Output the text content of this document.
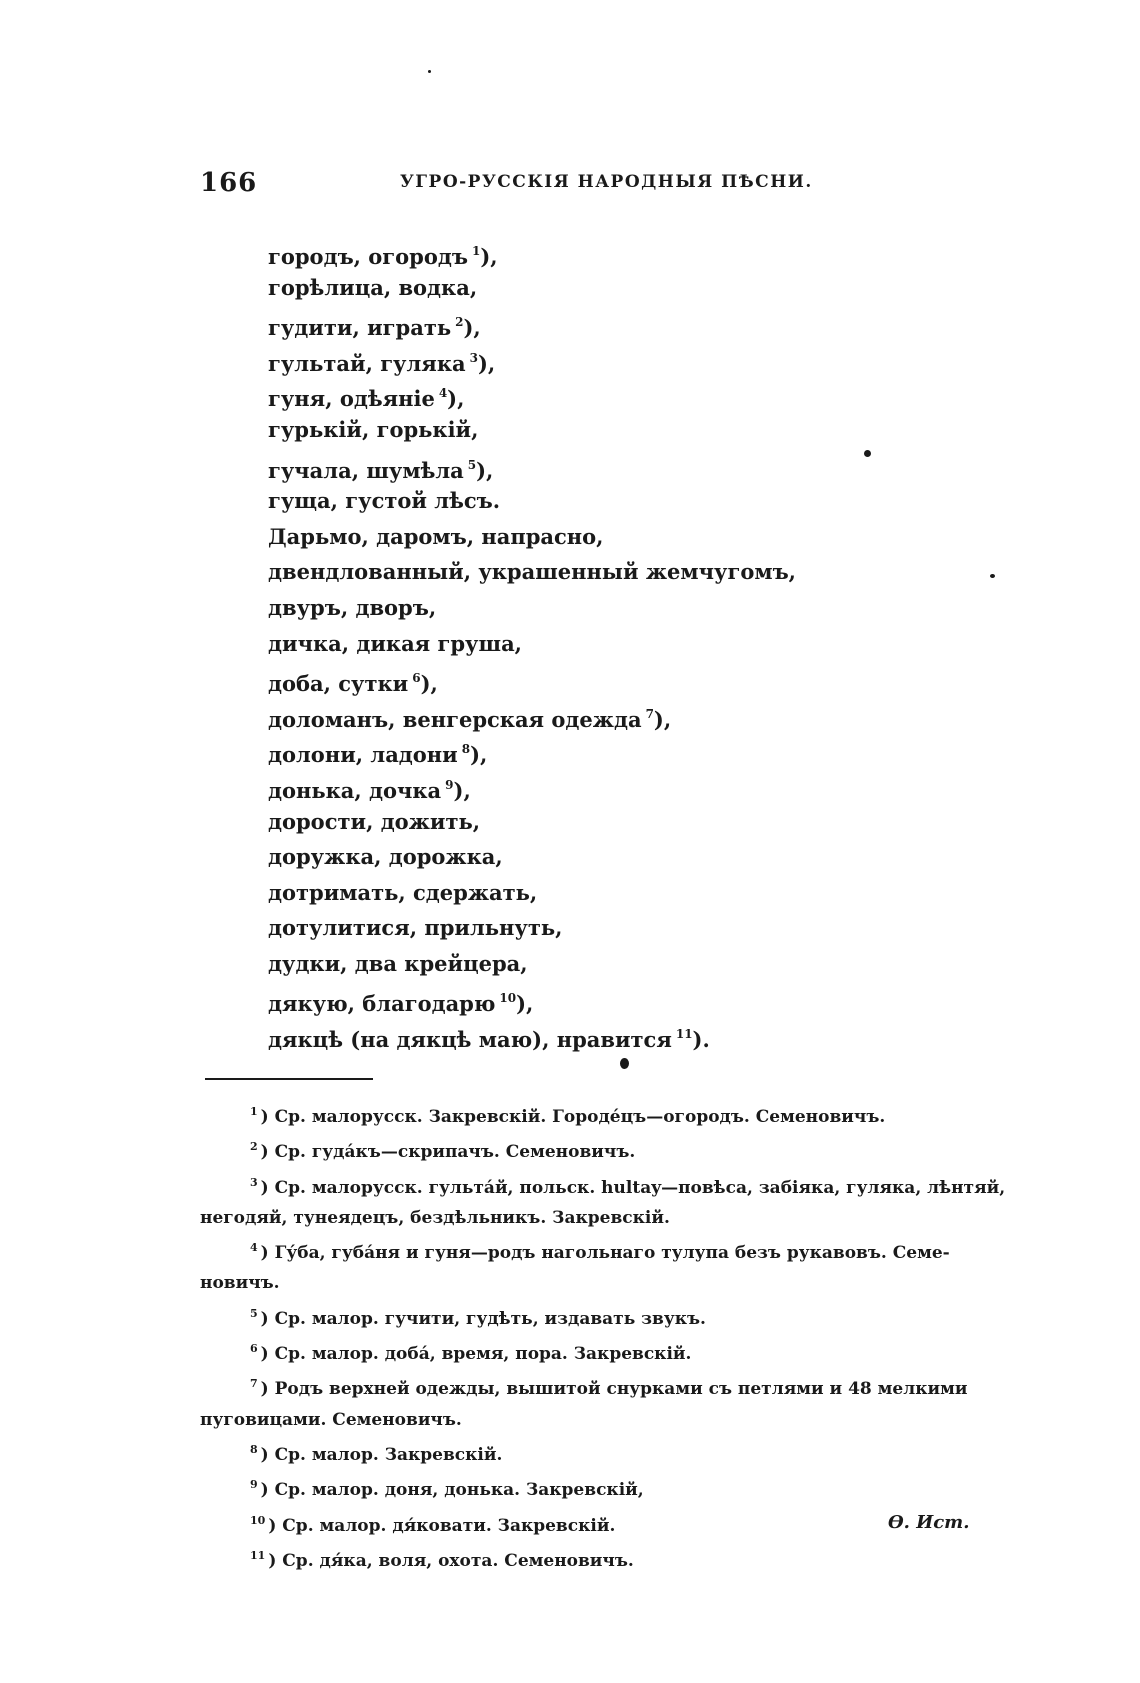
166	УГРО-РУССКІЯ НАРОДНЫЯ ПѢСНИ.
городъ, огородъ $^1$),
горѣлица, водка,
гудити, играть $^2$),
гультай, гуляка $^3$),
гуня, одѣяніе $^4$),
гурькій, горькій,
гучала, шумѣла $^5$),
гуща, густой лѣсъ.
Дарьмо, даромъ, напрасно,
двендлованный, украшенный жемчугомъ,
двуръ, дворъ,
дичка, дикая груша,
доба, сутки $^6$),
доломанъ, венгерская одежда $^7$),
долони, ладони $^8$),
донька, дочка $^9$),
дорости, дожить,
доружка, дорожка,
дотримать, сдержать,
дотулитися, прильнуть,
дудки, два крейцера,
дякую, благодарю $^{10}$),
дякцѣ (на дякцѣ маю), нравится $^{11}$).
$^1$ ) Ср. малорусск. Закревскій. Городе́цъ—огородъ. Семеновичъ.
$^2$ ) Ср. гуда́къ—скрипачъ. Семеновичъ.
$^3$ ) Ср. малорусск. гульта́й, польск. hultay—повѣса, забіяка, гуляка, лѣнтяй,
негодяй, тунеядецъ, бездѣльникъ. Закревскій.
$^4$ ) Гу́ба, губа́ня и гуня—родъ нагольнаго тулупа безъ рукавовъ. Семе-
новичъ.
$^5$ ) Ср. малор. гучити, гудѣть, издавать звукъ.
$^6$ ) Ср. малор. доба́, время, пора. Закревскій.
$^7$ ) Родъ верхней одежды, вышитой снурками съ петлями и 48 мелкими
пуговицами. Семеновичъ.
$^8$ ) Ср. малор. Закревскій.
$^9$ ) Ср. малор. доня, донька. Закревскій,
$^{10}$ ) Ср. малор. дя́ковати. Закревскій.
$^{11}$ ) Ср. дя́ка, воля, охота. Семеновичъ.
Ѳ. Ист.
